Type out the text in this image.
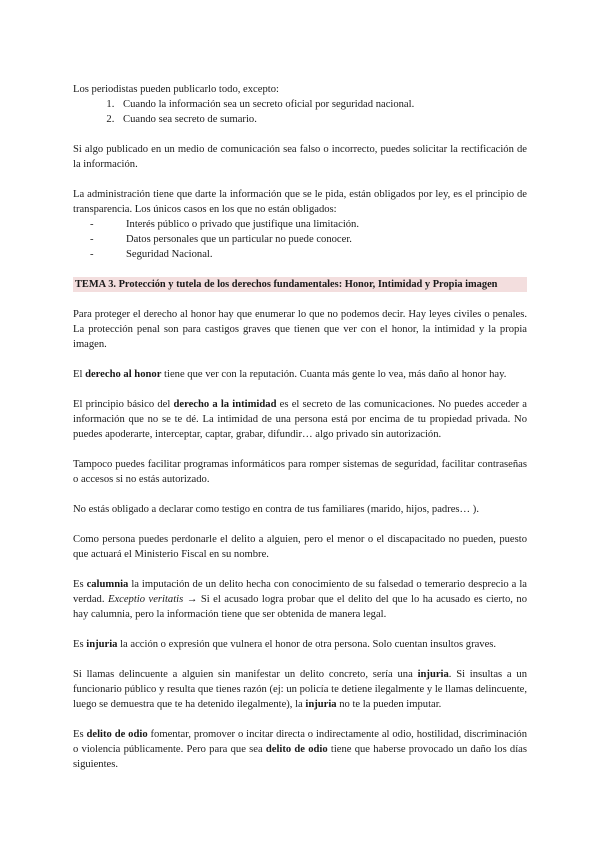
Los periodistas pueden publicarlo todo, excepto:

1. Cuando la información sea un secreto oficial por seguridad nacional.
2. Cuando sea secreto de sumario.

Si algo publicado en un medio de comunicación sea falso o incorrecto, puedes solicitar la rectificación de la información.

La administración tiene que darte la información que se le pida, están obligados por ley, es el principio de transparencia. Los únicos casos en los que no están obligados:

-	Interés público o privado que justifique una limitación.
-	Datos personales que un particular no puede conocer.
-	Seguridad Nacional.

TEMA 3. Protección y tutela de los derechos fundamentales: Honor, Intimidad y Propia imagen

Para proteger el derecho al honor hay que enumerar lo que no podemos decir. Hay leyes civiles o penales. La protección penal son para castigos graves que tienen que ver con el honor, la intimidad y la propia imagen.

El derecho al honor tiene que ver con la reputación. Cuanta más gente lo vea, más daño al honor hay.

El principio básico del derecho a la intimidad es el secreto de las comunicaciones. No puedes acceder a información que no se te dé. La intimidad de una persona está por encima de tu propiedad privada. No puedes apoderarte, interceptar, captar, grabar, difundir… algo privado sin autorización.

Tampoco puedes facilitar programas informáticos para romper sistemas de seguridad, facilitar contraseñas o accesos si no estás autorizado.

No estás obligado a declarar como testigo en contra de tus familiares (marido, hijos, padres… ).

Como persona puedes perdonarle el delito a alguien, pero el menor o el discapacitado no pueden, puesto que actuará el Ministerio Fiscal en su nombre.

Es calumnia la imputación de un delito hecha con conocimiento de su falsedad o temerario desprecio a la verdad. Exceptio veritatis → Si el acusado logra probar que el delito del que lo ha acusado es cierto, no hay calumnia, pero la información tiene que ser obtenida de manera legal.

Es injuria la acción o expresión que vulnera el honor de otra persona. Solo cuentan insultos graves.

Si llamas delincuente a alguien sin manifestar un delito concreto, sería una injuria. Si insultas a un funcionario público y resulta que tienes razón (ej: un policía te detiene ilegalmente y le llamas delincuente, luego se demuestra que te ha detenido ilegalmente), la injuria no te la pueden imputar.

Es delito de odio fomentar, promover o incitar directa o indirectamente al odio, hostilidad, discriminación o violencia públicamente. Pero para que sea delito de odio tiene que haberse provocado un daño los días siguientes.
